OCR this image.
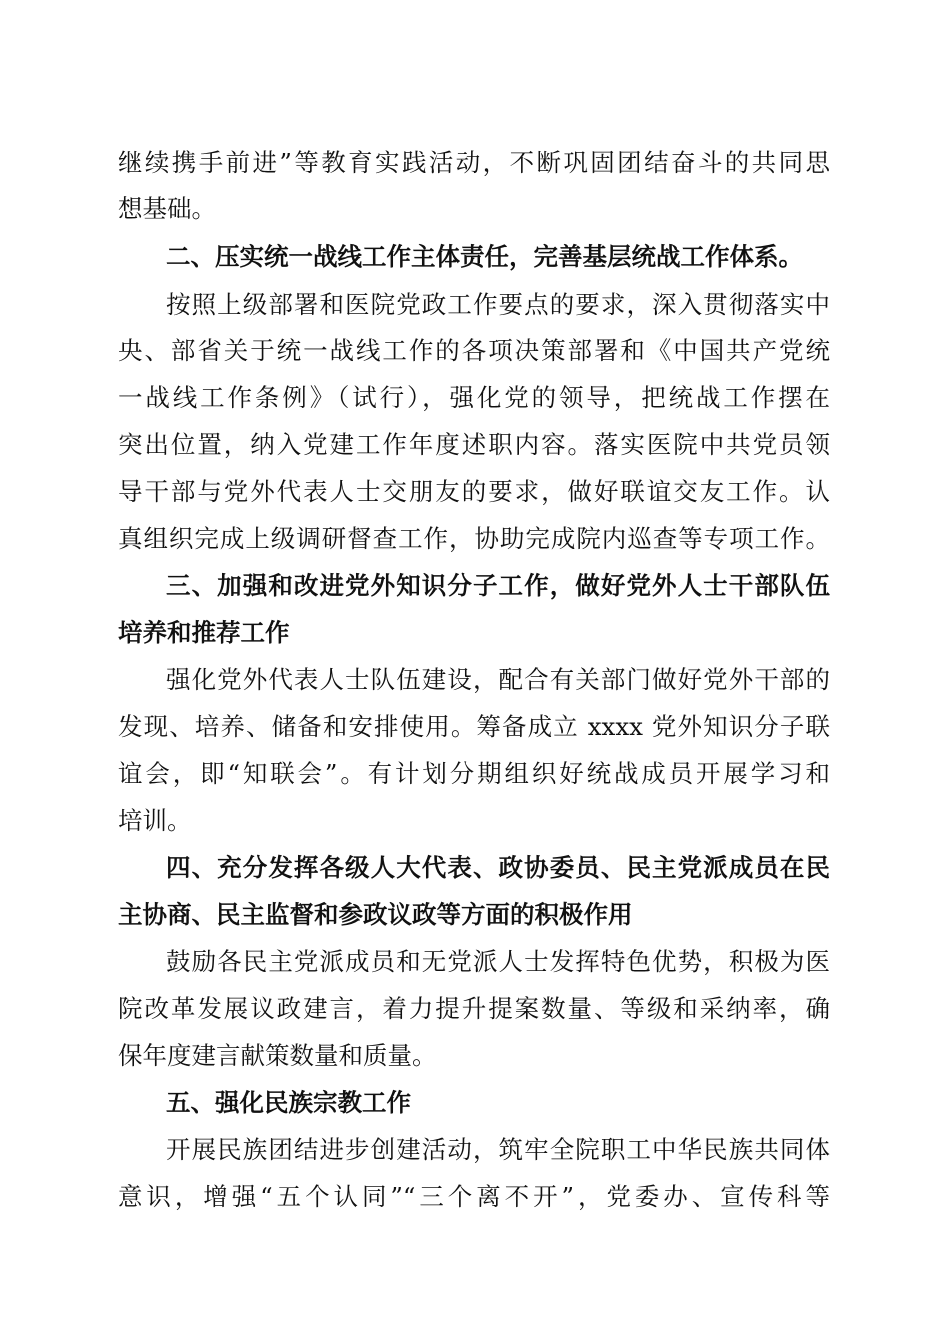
继续携手前进”等教育实践活动，不断巩固团结奋斗的共同思
想基础。
二、压实统一战线工作主体责任，完善基层统战工作体系。
按照上级部署和医院党政工作要点的要求，深入贯彻落实中
央、部省关于统一战线工作的各项决策部署和《中国共产党统
一战线工作条例》（试行），强化党的领导，把统战工作摆在
突出位置，纳入党建工作年度述职内容。落实医院中共党员领
导干部与党外代表人士交朋友的要求，做好联谊交友工作。认
真组织完成上级调研督查工作，协助完成院内巡查等专项工作。
三、加强和改进党外知识分子工作，做好党外人士干部队伍
培养和推荐工作
强化党外代表人士队伍建设，配合有关部门做好党外干部的
发现、培养、储备和安排使用。筹备成立 xxxx 党外知识分子联
谊会，即“知联会”。有计划分期组织好统战成员开展学习和
培训。
四、充分发挥各级人大代表、政协委员、民主党派成员在民
主协商、民主监督和参政议政等方面的积极作用
鼓励各民主党派成员和无党派人士发挥特色优势，积极为医
院改革发展议政建言，着力提升提案数量、等级和采纳率，确
保年度建言献策数量和质量。
五、强化民族宗教工作
开展民族团结进步创建活动，筑牢全院职工中华民族共同体
意识，增强“五个认同”“三个离不开”，党委办、宣传科等
